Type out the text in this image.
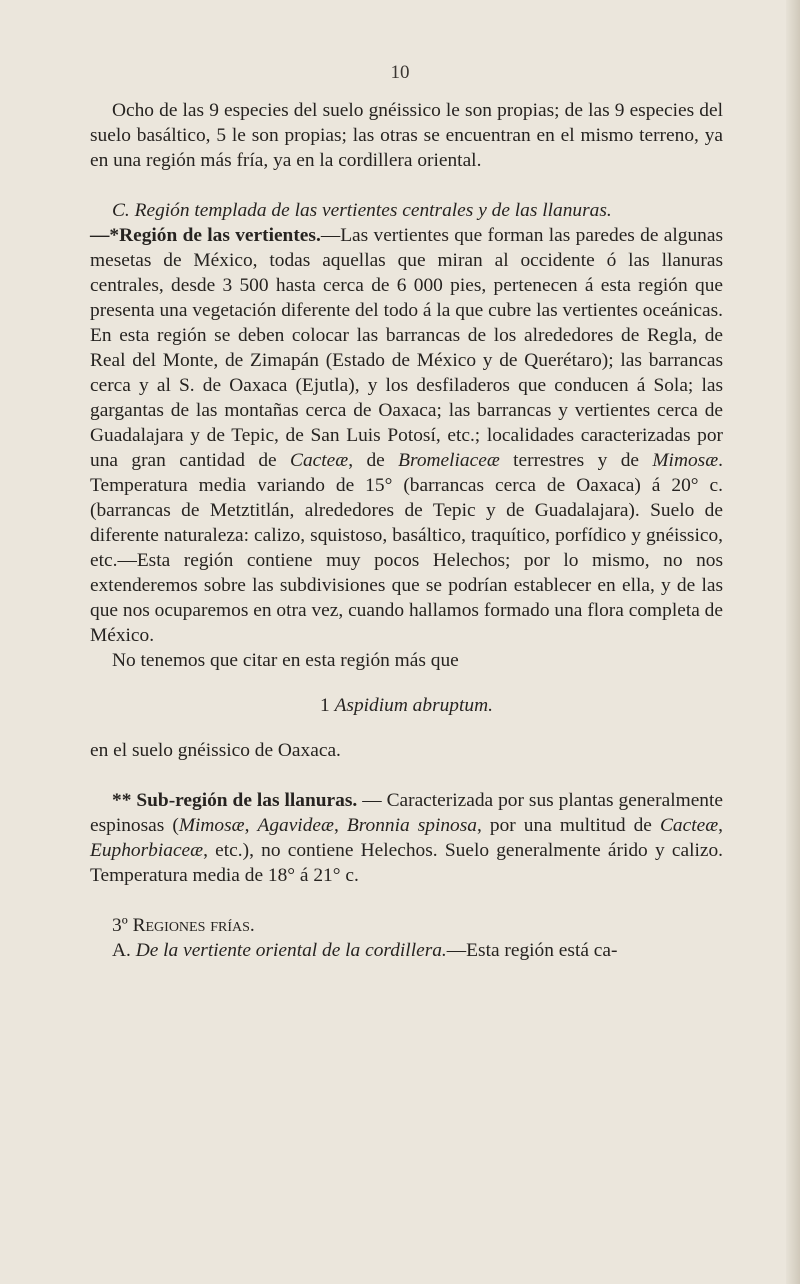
10

Ocho de las 9 especies del suelo gnéissico le son propias; de las 9 especies del suelo basáltico, 5 le son propias; las otras se encuentran en el mismo terreno, ya en una región más fría, ya en la cordillera oriental.

C. Región templada de las vertientes centrales y de las llanuras.

—*Región de las vertientes.—Las vertientes que forman las paredes de algunas mesetas de México, todas aquellas que miran al occidente ó las llanuras centrales, desde 3 500 hasta cerca de 6 000 pies, pertenecen á esta región que presenta una vegetación diferente del todo á la que cubre las vertientes oceánicas. En esta región se deben colocar las barrancas de los alrededores de Regla, de Real del Monte, de Zimapán (Estado de México y de Querétaro); las barrancas cerca y al S. de Oaxaca (Ejutla), y los desfiladeros que conducen á Sola; las gargantas de las montañas cerca de Oaxaca; las barrancas y vertientes cerca de Guadalajara y de Tepic, de San Luis Potosí, etc.; localidades caracterizadas por una gran cantidad de Cacteæ, de Bromeliaceæ terrestres y de Mimosæ. Temperatura media variando de 15° (barrancas cerca de Oaxaca) á 20° c. (barrancas de Metztitlán, alrededores de Tepic y de Guadalajara). Suelo de diferente naturaleza: calizo, squistoso, basáltico, traquítico, porfídico y gnéissico, etc.—Esta región contiene muy pocos Helechos; por lo mismo, no nos extenderemos sobre las subdivisiones que se podrían establecer en ella, y de las que nos ocuparemos en otra vez, cuando hallamos formado una flora completa de México.

No tenemos que citar en esta región más que

1 Aspidium abruptum.

en el suelo gnéissico de Oaxaca.

** Sub-región de las llanuras. — Caracterizada por sus plantas generalmente espinosas (Mimosæ, Agavideæ, Bronnia spinosa, por una multitud de Cacteæ, Euphorbiaceæ, etc.), no contiene Helechos. Suelo generalmente árido y calizo. Temperatura media de 18° á 21° c.

3º Regiones frías.

A. De la vertiente oriental de la cordillera.—Esta región está ca-
